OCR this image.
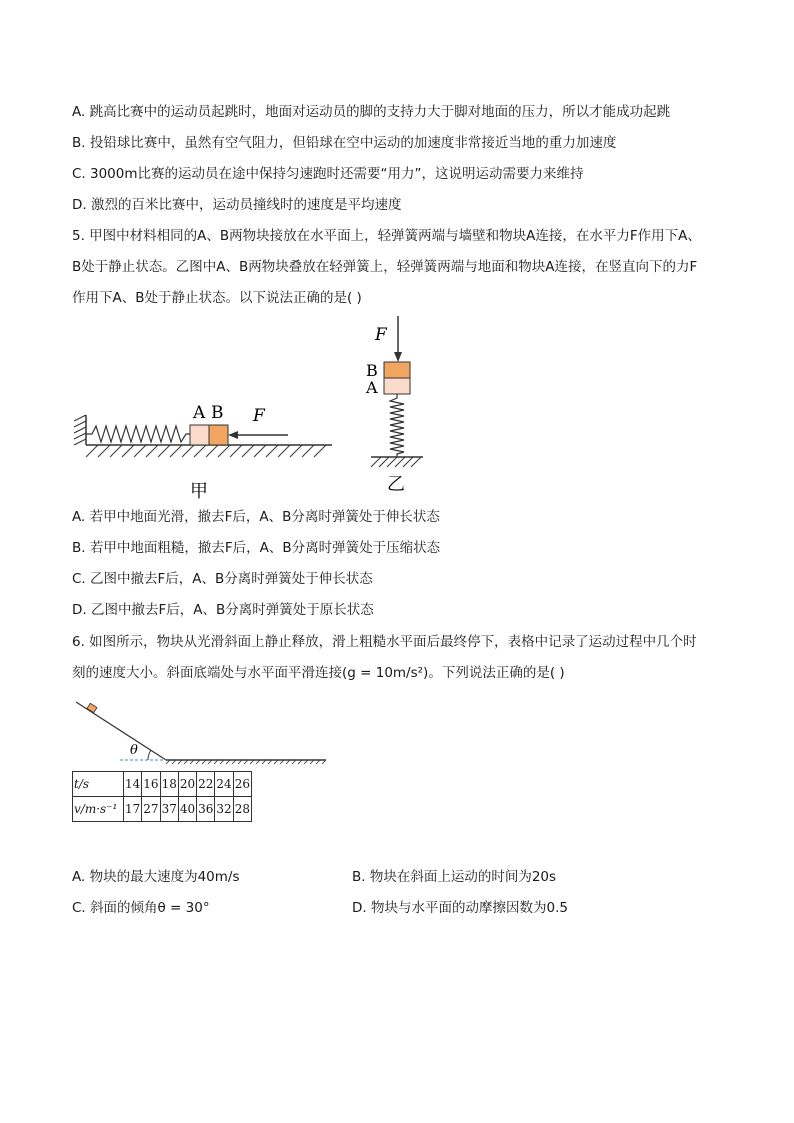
A. 跳高比赛中的运动员起跳时，地面对运动员的脚的支持力大于脚对地面的压力，所以才能成功起跳
B. 投铅球比赛中，虽然有空气阻力，但铅球在空中运动的加速度非常接近当地的重力加速度
C. 3000m比赛的运动员在途中保持匀速跑时还需要“用力”，这说明运动需要力来维持
D. 激烈的百米比赛中，运动员撞线时的速度是平均速度
5. 甲图中材料相同的A、B两物块接放在水平面上，轻弹簧两端与墙壁和物块A连接，在水平力F作用下A、
B处于静止状态。乙图中A、B两物块叠放在轻弹簧上，轻弹簧两端与地面和物块A连接，在竖直向下的力F
作用下A、B处于静止状态。以下说法正确的是( )
A B F
甲
F
B
A
乙
A. 若甲中地面光滑，撤去F后，A、B分离时弹簧处于伸长状态
B. 若甲中地面粗糙，撤去F后，A、B分离时弹簧处于压缩状态
C. 乙图中撤去F后，A、B分离时弹簧处于伸长状态
D. 乙图中撤去F后，A、B分离时弹簧处于原长状态
6. 如图所示，物块从光滑斜面上静止释放，滑上粗糙水平面后最终停下，表格中记录了运动过程中几个时
刻的速度大小。斜面底端处与水平面平滑连接(g = 10m/s²)。下列说法正确的是( )
θ
t/s	14	16	18	20	22	24	26
v/m·s⁻¹	17	27	37	40	36	32	28
A. 物块的最大速度为40m/s	B. 物块在斜面上运动的时间为20s
C. 斜面的倾角θ = 30°	D. 物块与水平面的动摩擦因数为0.5
